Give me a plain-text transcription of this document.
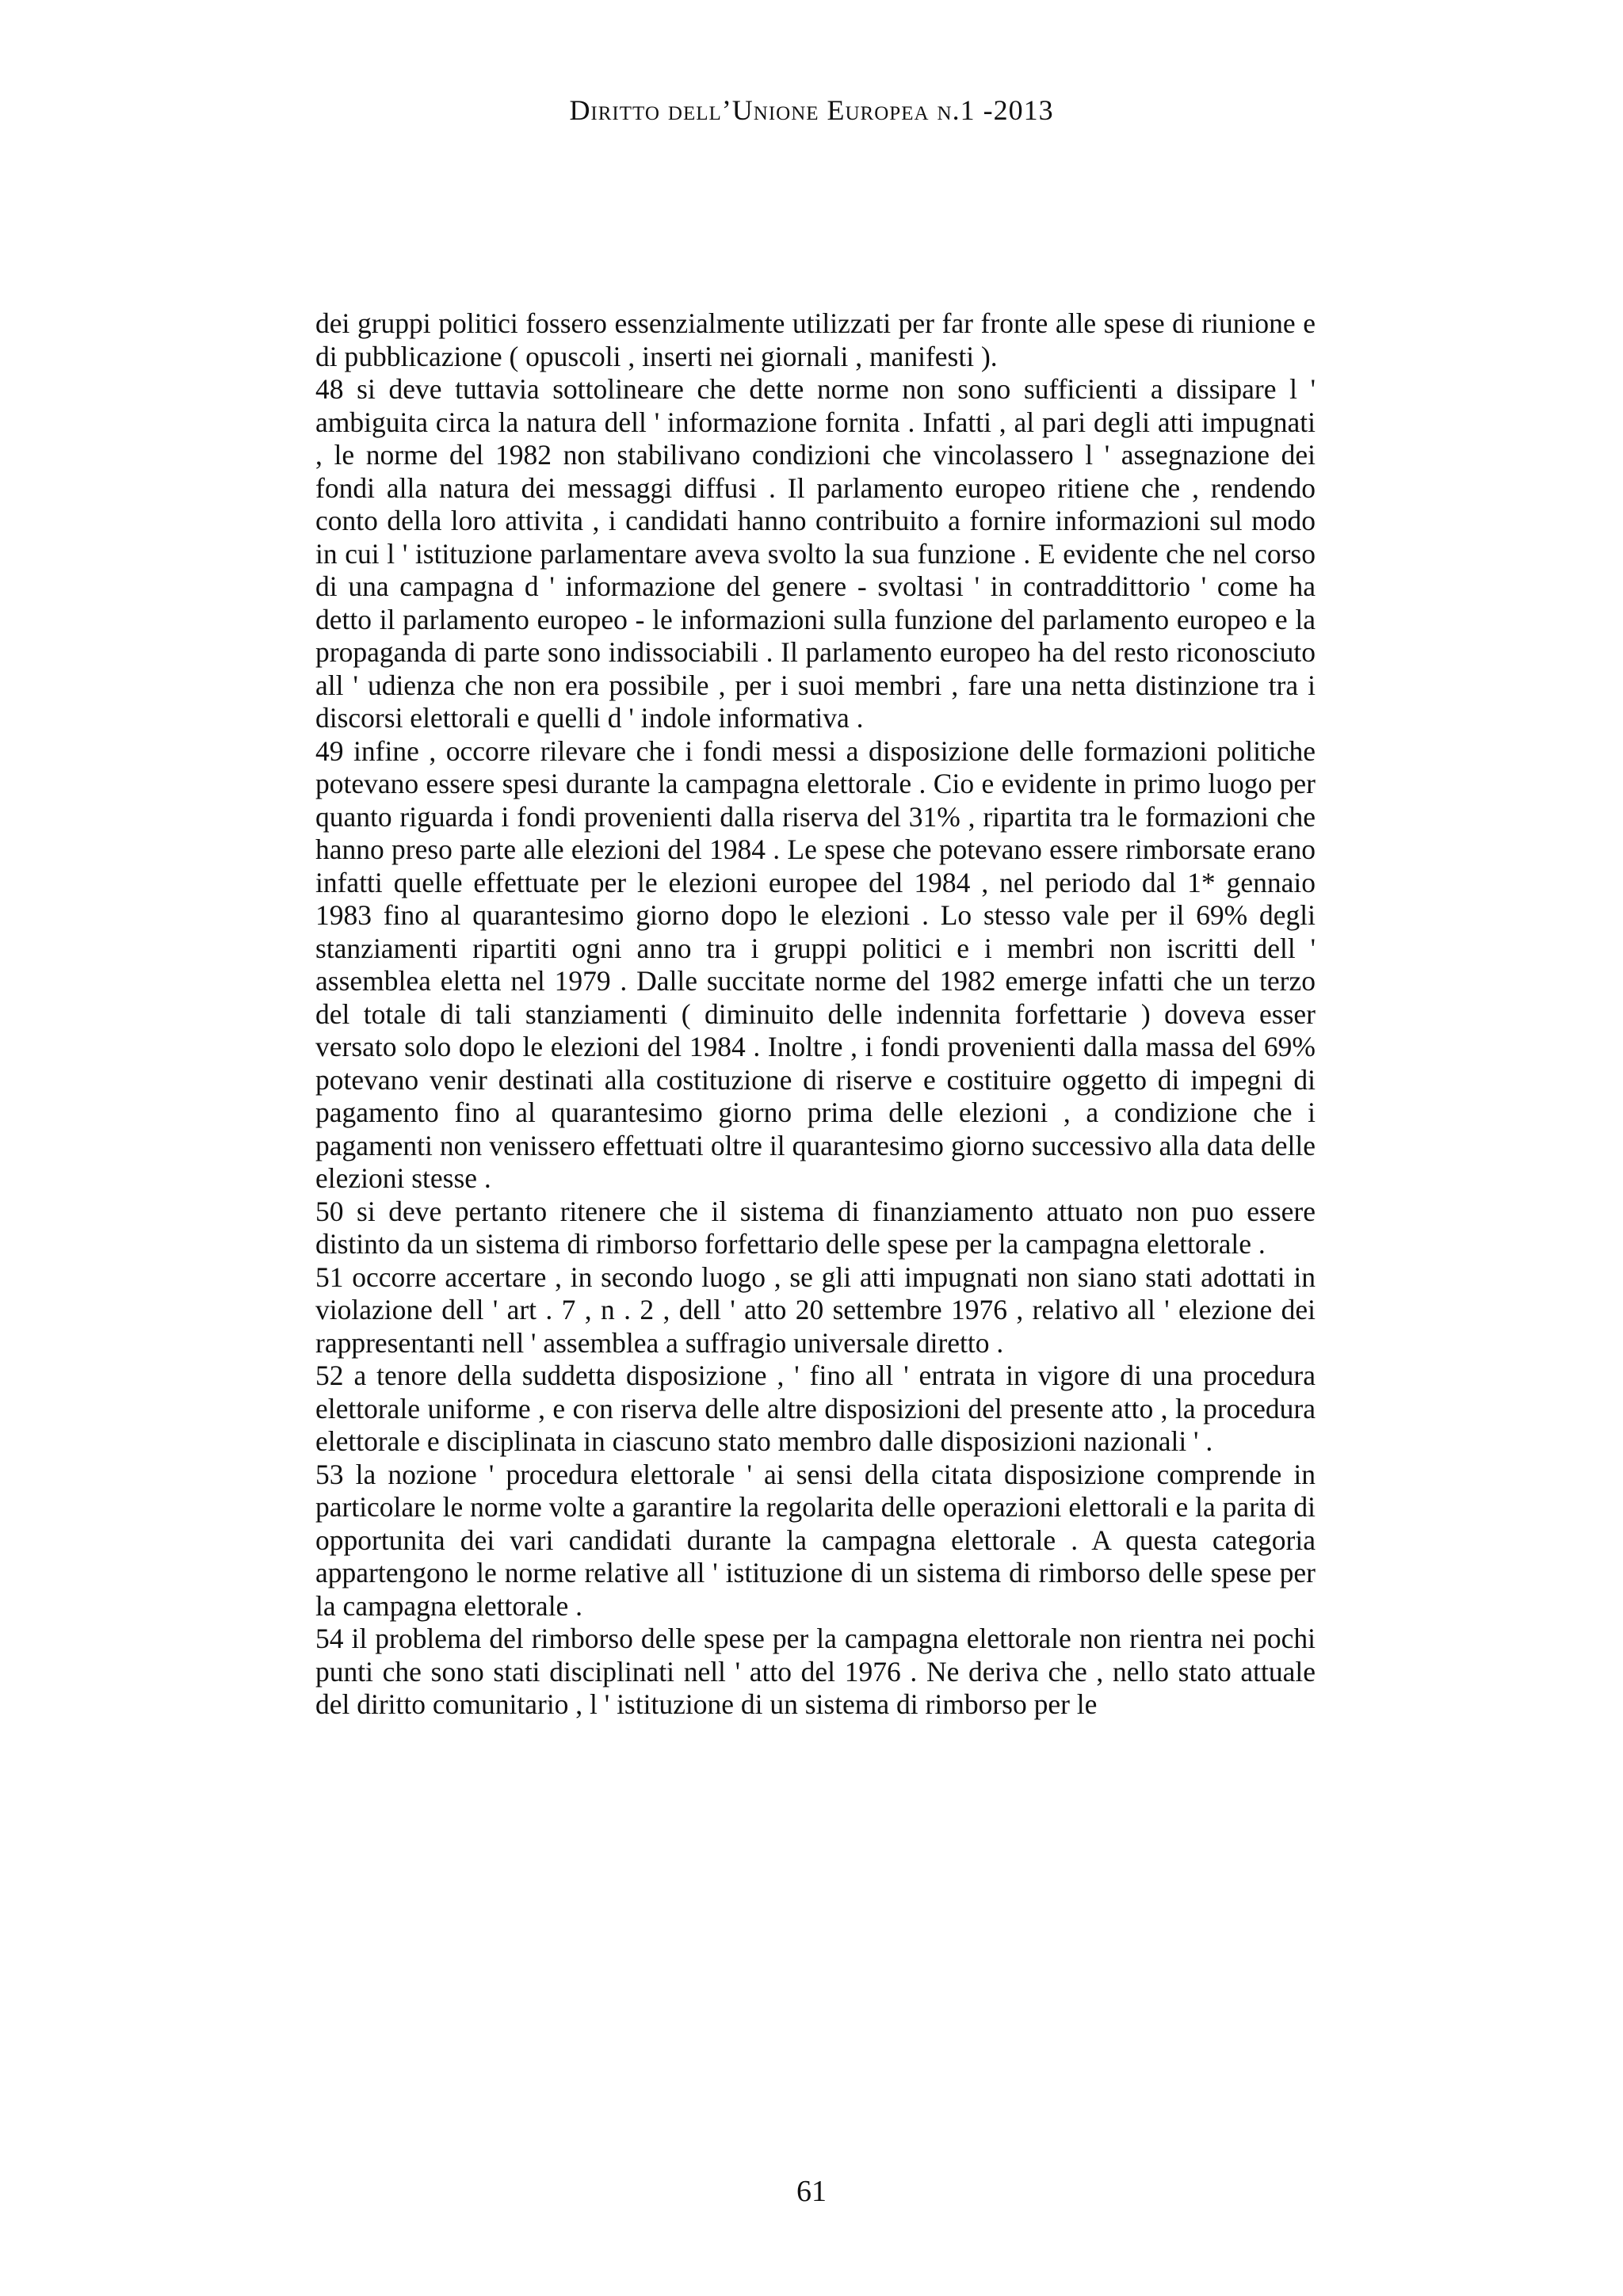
Diritto dell’Unione Europea n.1 -2013

dei gruppi politici fossero essenzialmente utilizzati per far fronte alle spese di riunione e di pubblicazione ( opuscoli , inserti nei giornali , manifesti ).

48 si deve tuttavia sottolineare che dette norme non sono sufficienti a dissipare l ' ambiguita circa la natura dell ' informazione fornita . Infatti , al pari degli atti impugnati , le norme del 1982 non stabilivano condizioni che vincolassero l ' assegnazione dei fondi alla natura dei messaggi diffusi . Il parlamento europeo ritiene che , rendendo conto della loro attivita , i candidati hanno contribuito a fornire informazioni sul modo in cui l ' istituzione parlamentare aveva svolto la sua funzione . E evidente che nel corso di una campagna d ' informazione del genere - svoltasi ' in contraddittorio ' come ha detto il parlamento europeo - le informazioni sulla funzione del parlamento europeo e la propaganda di parte sono indissociabili . Il parlamento europeo ha del resto riconosciuto all ' udienza che non era possibile , per i suoi membri , fare una netta distinzione tra i discorsi elettorali e quelli d ' indole informativa .

49 infine , occorre rilevare che i fondi messi a disposizione delle formazioni politiche potevano essere spesi durante la campagna elettorale . Cio e evidente in primo luogo per quanto riguarda i fondi provenienti dalla riserva del 31% , ripartita tra le formazioni che hanno preso parte alle elezioni del 1984 . Le spese che potevano essere rimborsate erano infatti quelle effettuate per le elezioni europee del 1984 , nel periodo dal 1* gennaio 1983 fino al quarantesimo giorno dopo le elezioni . Lo stesso vale per il 69% degli stanziamenti ripartiti ogni anno tra i gruppi politici e i membri non iscritti dell ' assemblea eletta nel 1979 . Dalle succitate norme del 1982 emerge infatti che un terzo del totale di tali stanziamenti ( diminuito delle indennita forfettarie ) doveva esser versato solo dopo le elezioni del 1984 . Inoltre , i fondi provenienti dalla massa del 69% potevano venir destinati alla costituzione di riserve e costituire oggetto di impegni di pagamento fino al quarantesimo giorno prima delle elezioni , a condizione che i pagamenti non venissero effettuati oltre il quarantesimo giorno successivo alla data delle elezioni stesse .

50 si deve pertanto ritenere che il sistema di finanziamento attuato non puo essere distinto da un sistema di rimborso forfettario delle spese per la campagna elettorale .

51 occorre accertare , in secondo luogo , se gli atti impugnati non siano stati adottati in violazione dell ' art . 7 , n . 2 , dell ' atto 20 settembre 1976 , relativo all ' elezione dei rappresentanti nell ' assemblea a suffragio universale diretto .

52 a tenore della suddetta disposizione , ' fino all ' entrata in vigore di una procedura elettorale uniforme , e con riserva delle altre disposizioni del presente atto , la procedura elettorale e disciplinata in ciascuno stato membro dalle disposizioni nazionali ' .

53 la nozione ' procedura elettorale ' ai sensi della citata disposizione comprende in particolare le norme volte a garantire la regolarita delle operazioni elettorali e la parita di opportunita dei vari candidati durante la campagna elettorale . A questa categoria appartengono le norme relative all ' istituzione di un sistema di rimborso delle spese per la campagna elettorale .

54 il problema del rimborso delle spese per la campagna elettorale non rientra nei pochi punti che sono stati disciplinati nell ' atto del 1976 . Ne deriva che , nello stato attuale del diritto comunitario , l ' istituzione di un sistema di rimborso per le

61
